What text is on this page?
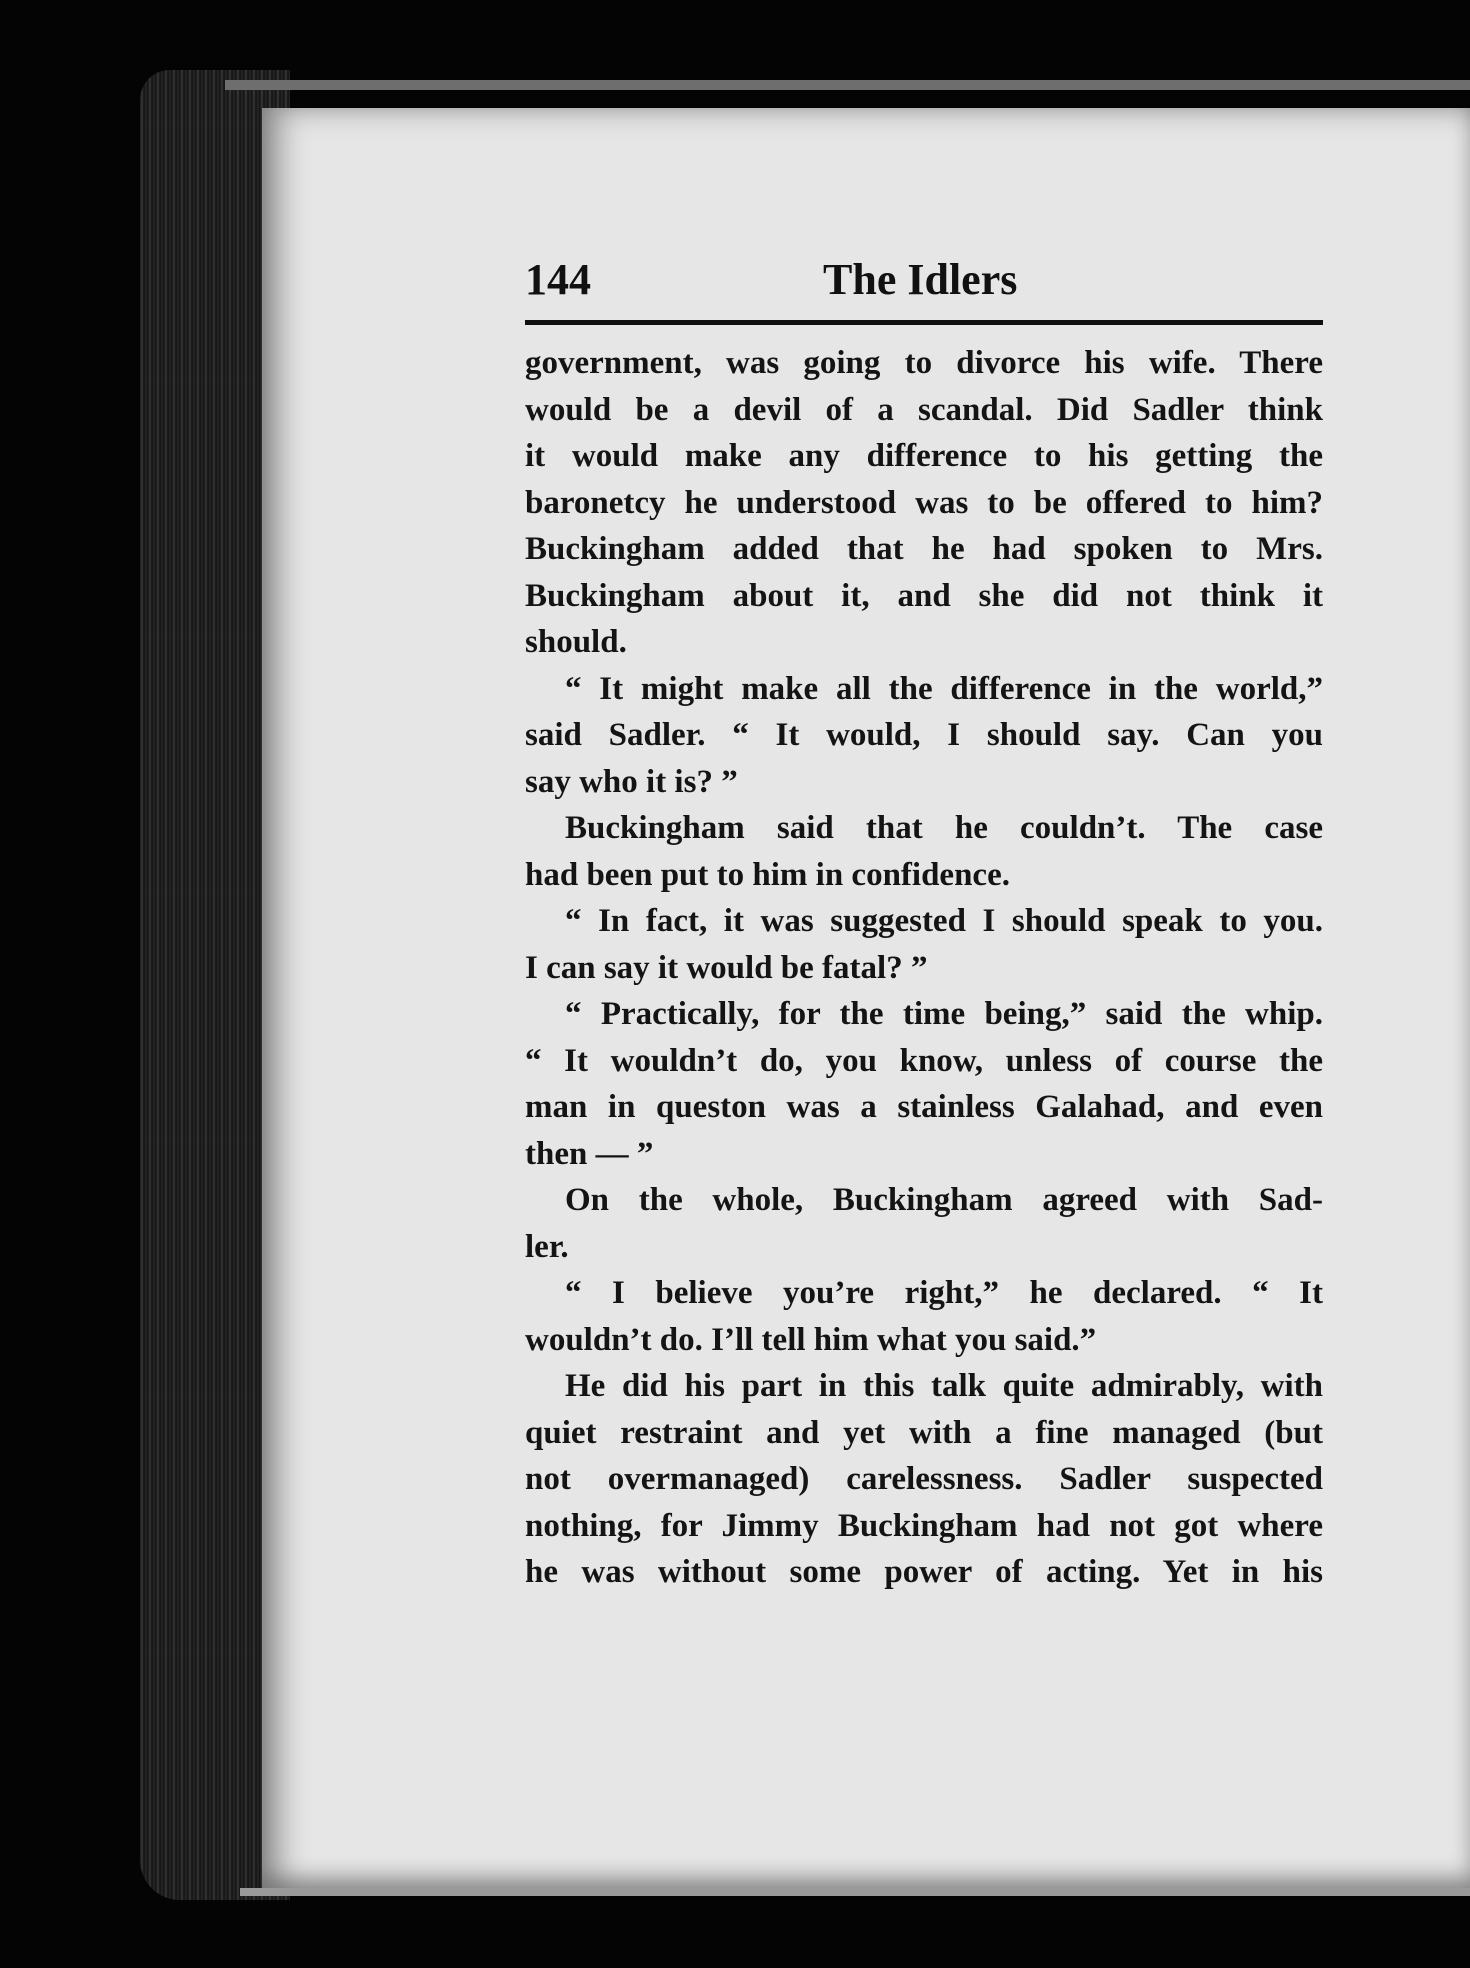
144	The Idlers
government, was going to divorce his wife. There
would be a devil of a scandal. Did Sadler think
it would make any difference to his getting the
baronetcy he understood was to be offered to him?
Buckingham added that he had spoken to Mrs.
Buckingham about it, and she did not think it
should.
“ It might make all the difference in the world,”
said Sadler. “ It would, I should say. Can you
say who it is? ”
Buckingham said that he couldn’t. The case
had been put to him in confidence.
“ In fact, it was suggested I should speak to you.
I can say it would be fatal? ”
“ Practically, for the time being,” said the whip.
“ It wouldn’t do, you know, unless of course the
man in queston was a stainless Galahad, and even
then — ”
On the whole, Buckingham agreed with Sad-
ler.
“ I believe you’re right,” he declared. “ It
wouldn’t do. I’ll tell him what you said.”
He did his part in this talk quite admirably, with
quiet restraint and yet with a fine managed (but
not overmanaged) carelessness. Sadler suspected
nothing, for Jimmy Buckingham had not got where
he was without some power of acting. Yet in his
